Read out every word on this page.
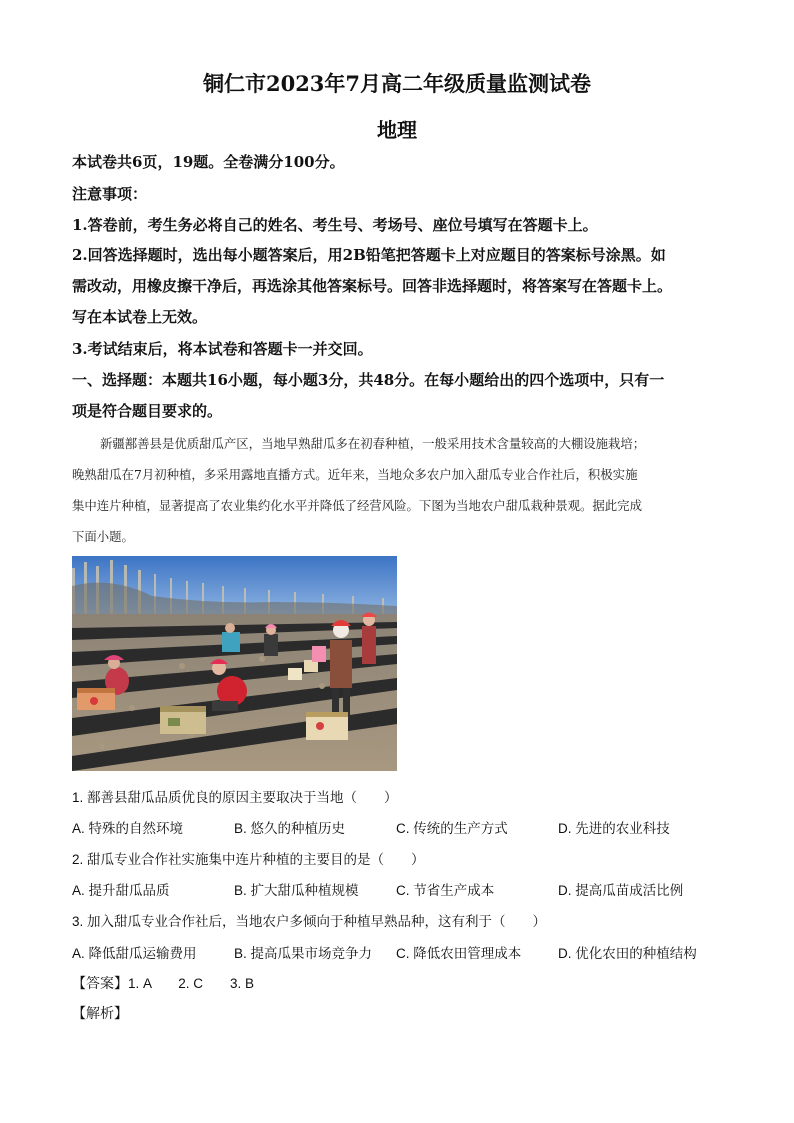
铜仁市2023年7月高二年级质量监测试卷
地理
本试卷共6页，19题。全卷满分100分。
注意事项：
1.答卷前，考生务必将自己的姓名、考生号、考场号、座位号填写在答题卡上。
2.回答选择题时，选出每小题答案后，用2B铅笔把答题卡上对应题目的答案标号涂黑。如
需改动，用橡皮擦干净后，再选涂其他答案标号。回答非选择题时，将答案写在答题卡上。
写在本试卷上无效。
3.考试结束后，将本试卷和答题卡一并交回。
一、选择题：本题共16小题，每小题3分，共48分。在每小题给出的四个选项中，只有一
项是符合题目要求的。
新疆鄯善县是优质甜瓜产区，当地早熟甜瓜多在初春种植，一般采用技术含量较高的大棚设施栽培；
晚熟甜瓜在7月初种植，多采用露地直播方式。近年来，当地众多农户加入甜瓜专业合作社后，积极实施
集中连片种植，显著提高了农业集约化水平并降低了经营风险。下图为当地农户甜瓜栽种景观。据此完成
下面小题。
1. 鄯善县甜瓜品质优良的原因主要取决于当地（　　）
A. 特殊的自然环境	B. 悠久的种植历史	C. 传统的生产方式	D. 先进的农业科技
2. 甜瓜专业合作社实施集中连片种植的主要目的是（　　）
A. 提升甜瓜品质	B. 扩大甜瓜种植规模	C. 节省生产成本	D. 提高瓜苗成活比例
3. 加入甜瓜专业合作社后，当地农户多倾向于种植早熟品种，这有利于（　　）
A. 降低甜瓜运输费用	B. 提高瓜果市场竞争力 C. 降低农田管理成本	D. 优化农田的种植结构
【答案】1. A　　2. C　　3. B
【解析】
